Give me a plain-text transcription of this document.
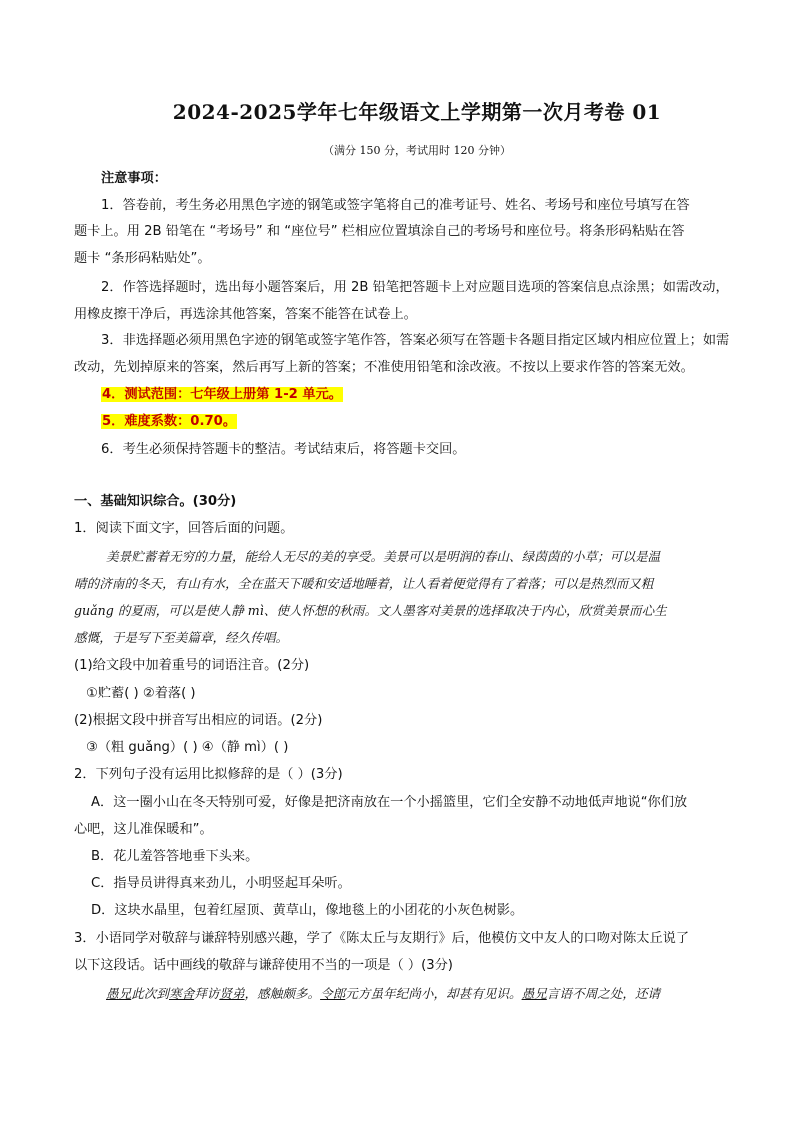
2024-2025学年七年级语文上学期第一次月考卷 01
（满分 150 分，考试用时 120 分钟）
注意事项：
1．答卷前，考生务必用黑色字迹的钢笔或签字笔将自己的准考证号、姓名、考场号和座位号填写在答
题卡上。用 2B 铅笔在 “考场号” 和 “座位号” 栏相应位置填涂自己的考场号和座位号。将条形码粘贴在答
题卡 “条形码粘贴处”。
2．作答选择题时，选出每小题答案后，用 2B 铅笔把答题卡上对应题目选项的答案信息点涂黑；如需改动，
用橡皮擦干净后，再选涂其他答案，答案不能答在试卷上。
3．非选择题必须用黑色字迹的钢笔或签字笔作答，答案必须写在答题卡各题目指定区域内相应位置上；如需
改动，先划掉原来的答案，然后再写上新的答案；不准使用铅笔和涂改液。不按以上要求作答的答案无效。
4．测试范围：七年级上册第 1-2 单元。
5．难度系数：0.70。
6．考生必须保持答题卡的整洁。考试结束后，将答题卡交回。
一、基础知识综合。(30分)
1．阅读下面文字，回答后面的问题。
美景贮蓄着无穷的力量，能给人无尽的美的享受。美景可以是明润的春山、绿茵茵的小草；可以是温
晴的济南的冬天，有山有水，全在蓝天下暖和安适地睡着，让人看着便觉得有了着落；可以是热烈而又粗
guǎng 的夏雨，可以是使人静 mì、使人怀想的秋雨。文人墨客对美景的选择取决于内心，欣赏美景而心生
感慨，于是写下至美篇章，经久传唱。
(1)给文段中加着重号的词语注音。(2分)
①贮蓄( ) ②着落( )
(2)根据文段中拼音写出相应的词语。(2分)
③（粗 guǎng）( ) ④（静 mì）( )
2．下列句子没有运用比拟修辞的是（ ）(3分)
A．这一圈小山在冬天特别可爱，好像是把济南放在一个小摇篮里，它们全安静不动地低声地说“你们放
心吧，这儿准保暖和”。
B．花儿羞答答地垂下头来。
C．指导员讲得真来劲儿，小明竖起耳朵听。
D．这块水晶里，包着红屋顶、黄草山，像地毯上的小团花的小灰色树影。
3．小语同学对敬辞与谦辞特别感兴趣，学了《陈太丘与友期行》后，他模仿文中友人的口吻对陈太丘说了
以下这段话。话中画线的敬辞与谦辞使用不当的一项是（ ）(3分)
愚兄此次到寒舍拜访贤弟，感触颇多。令郎元方虽年纪尚小，却甚有见识。愚兄言语不周之处，还请
